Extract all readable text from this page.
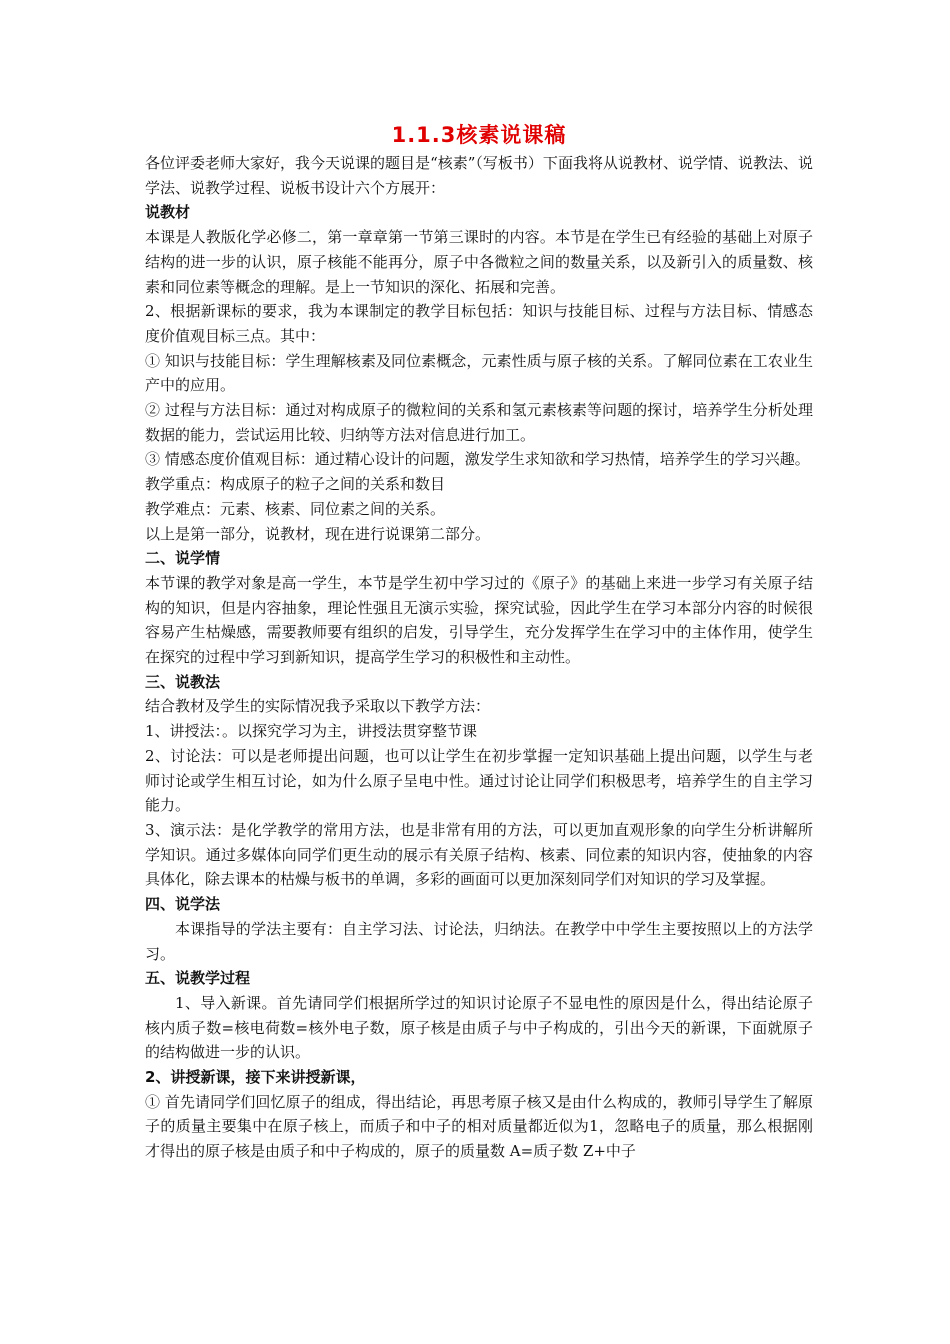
1.1.3核素说课稿

各位评委老师大家好，我今天说课的题目是“核素”（写板书）下面我将从说教材、说学情、说教法、说学法、说教学过程、说板书设计六个方展开：

说教材

本课是人教版化学必修二，第一章章第一节第三课时的内容。本节是在学生已有经验的基础上对原子结构的进一步的认识，原子核能不能再分，原子中各微粒之间的数量关系，以及新引入的质量数、核素和同位素等概念的理解。是上一节知识的深化、拓展和完善。

2、根据新课标的要求，我为本课制定的教学目标包括：知识与技能目标、过程与方法目标、情感态度价值观目标三点。其中：

① 知识与技能目标：学生理解核素及同位素概念，元素性质与原子核的关系。了解同位素在工农业生产中的应用。

② 过程与方法目标：通过对构成原子的微粒间的关系和氢元素核素等问题的探讨，培养学生分析处理数据的能力，尝试运用比较、归纳等方法对信息进行加工。

③ 情感态度价值观目标：通过精心设计的问题，激发学生求知欲和学习热情，培养学生的学习兴趣。

教学重点：构成原子的粒子之间的关系和数目

教学难点：元素、核素、同位素之间的关系。

以上是第一部分，说教材，现在进行说课第二部分。

二、说学情

本节课的教学对象是高一学生，本节是学生初中学习过的《原子》的基础上来进一步学习有关原子结构的知识，但是内容抽象，理论性强且无演示实验，探究试验，因此学生在学习本部分内容的时候很容易产生枯燥感，需要教师要有组织的启发，引导学生，充分发挥学生在学习中的主体作用，使学生在探究的过程中学习到新知识，提高学生学习的积极性和主动性。

三、说教法

结合教材及学生的实际情况我予采取以下教学方法：

1、讲授法：。以探究学习为主，讲授法贯穿整节课

2、讨论法：可以是老师提出问题，也可以让学生在初步掌握一定知识基础上提出问题，以学生与老师讨论或学生相互讨论，如为什么原子呈电中性。通过讨论让同学们积极思考，培养学生的自主学习能力。

3、演示法：是化学教学的常用方法，也是非常有用的方法，可以更加直观形象的向学生分析讲解所学知识。通过多媒体向同学们更生动的展示有关原子结构、核素、同位素的知识内容，使抽象的内容具体化，除去课本的枯燥与板书的单调，多彩的画面可以更加深刻同学们对知识的学习及掌握。

四、说学法

本课指导的学法主要有：自主学习法、讨论法，归纳法。在教学中中学生主要按照以上的方法学习。

五、说教学过程

1、导入新课。首先请同学们根据所学过的知识讨论原子不显电性的原因是什么，得出结论原子核内质子数=核电荷数=核外电子数，原子核是由质子与中子构成的，引出今天的新课，下面就原子的结构做进一步的认识。

2、讲授新课，接下来讲授新课，

① 首先请同学们回忆原子的组成，得出结论，再思考原子核又是由什么构成的，教师引导学生了解原子的质量主要集中在原子核上，而质子和中子的相对质量都近似为1，忽略电子的质量，那么根据刚才得出的原子核是由质子和中子构成的，原子的质量数 A=质子数 Z+中子
